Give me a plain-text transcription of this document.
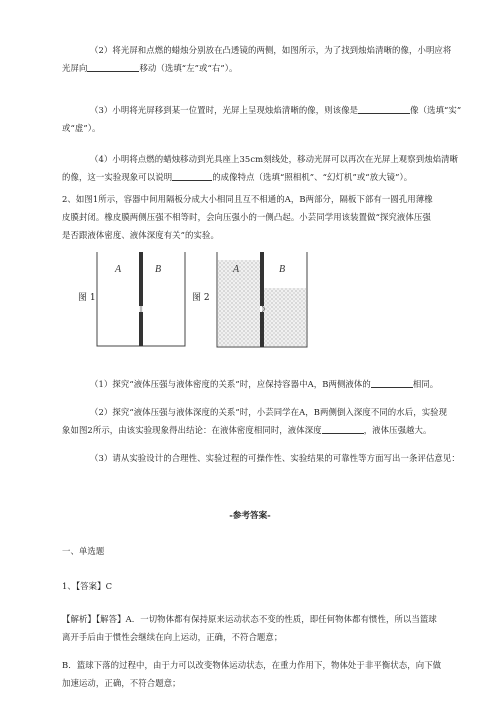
（2）将光屏和点燃的蜡烛分别放在凸透镜的两侧，如图所示，为了找到烛焰清晰的像，小明应将
光屏向	移动（选填“左”或“右”）。
（3）小明将光屏移到某一位置时，光屏上呈现烛焰清晰的像，则该像是	像（选填“实”
或“虚”）。
（4）小明将点燃的蜡烛移动到光具座上35cm刻线处，移动光屏可以再次在光屏上观察到烛焰清晰
的像，这一实验现象可以说明	的成像特点（选填“照相机”、“幻灯机”或“放大镜”）。
2、如图1所示，容器中间用隔板分成大小相同且互不相通的A，B两部分，隔板下部有一圆孔用薄橡
皮膜封闭。橡皮膜两侧压强不相等时，会向压强小的一侧凸起。小芸同学用该装置做“探究液体压强
是否跟液体密度、液体深度有关”的实验。
图 1
A	B
图 2
A	B
（1）探究“液体压强与液体密度的关系”时，应保持容器中A，B两侧液体的	相同。
（2）探究“液体压强与液体深度的关系”时，小芸同学在A，B两侧倒入深度不同的水后，实验现
象如图2所示，由该实验现象得出结论：在液体密度相同时，液体深度	，液体压强越大。
（3）请从实验设计的合理性、实验过程的可操作性、实验结果的可靠性等方面写出一条评估意见：
-参考答案-
一、单选题
1、【答案】C
【解析】【解答】A．一切物体都有保持原来运动状态不变的性质，即任何物体都有惯性，所以当篮球
离开手后由于惯性会继续在向上运动，正确，不符合题意；
B．篮球下落的过程中，由于力可以改变物体运动状态，在重力作用下，物体处于非平衡状态，向下做
加速运动，正确，不符合题意；
